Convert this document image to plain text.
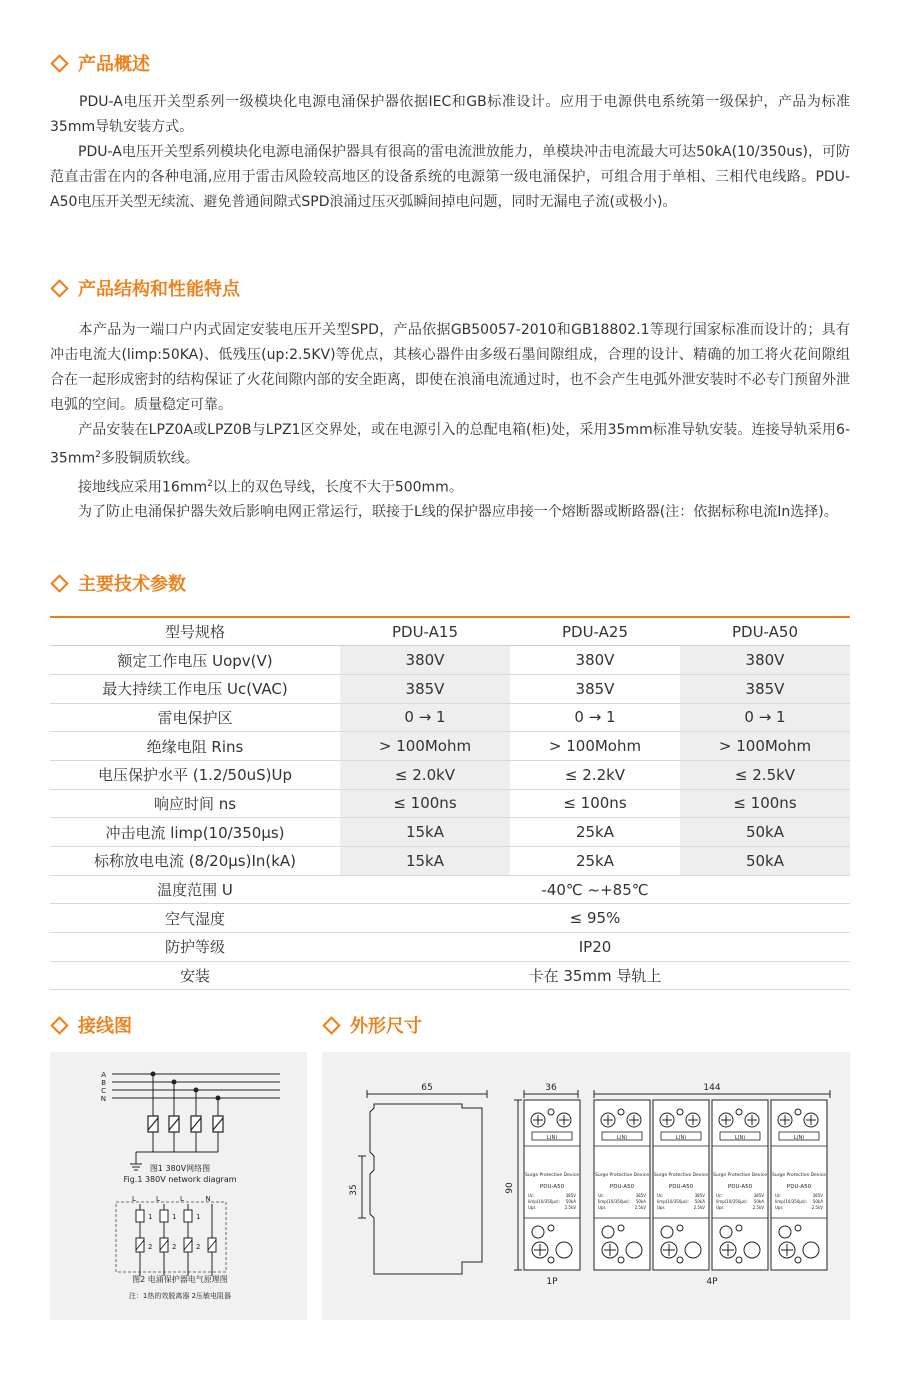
产品概述

　　PDU-A电压开关型系列一级模块化电源电涌保护器依据IEC和GB标准设计。应用于电源供电系统第一级保护，产品为标准35mm导轨安装方式。

　　PDU-A电压开关型系列模块化电源电涌保护器具有很高的雷电流泄放能力，单模块冲击电流最大可达50kA(10/350us)，可防范直击雷在内的各种电涌,应用于雷击风险较高地区的设备系统的电源第一级电涌保护，可组合用于单相、三相代电线路。PDU-A50电压开关型无续流、避免普通间隙式SPD浪涌过压灭弧瞬间掉电问题，同时无漏电子流(或极小)。

产品结构和性能特点

　　本产品为一端口户内式固定安装电压开关型SPD，产品依据GB50057-2010和GB18802.1等现行国家标准而设计的；具有冲击电流大(limp:50KA)、低残压(up:2.5KV)等优点，其核心器件由多级石墨间隙组成，合理的设计、精确的加工将火花间隙组合在一起形成密封的结构保证了火花间隙内部的安全距离，即使在浪涌电流通过时，也不会产生电弧外泄安装时不必专门预留外泄电弧的空间。质量稳定可靠。

　　产品安装在LPZ0A或LPZ0B与LPZ1区交界处，或在电源引入的总配电箱(柜)处，采用35mm标准导轨安装。连接导轨采用$6-35mm^2$多股铜质软线。

　　接地线应采用$16mm^2$以上的双色导线，长度不大于500mm。

　　为了防止电涌保护器失效后影响电网正常运行，联接于L线的保护器应串接一个熔断器或断路器(注：依据标称电流In选择)。

主要技术参数
型号规格	PDU-A15	PDU-A25	PDU-A50
额定工作电压 Uopv(V)	380V	380V	380V
最大持续工作电压 Uc(VAC)	385V	385V	385V
雷电保护区	0 → 1	0 → 1	0 → 1
绝缘电阻 Rins	> 100Mohm	> 100Mohm	> 100Mohm
电压保护水平 (1.2/50uS)Up	≤ 2.0kV	≤ 2.2kV	≤ 2.5kV
响应时间 ns	≤ 100ns	≤ 100ns	≤ 100ns
冲击电流 limp(10/350μs)	15kA	25kA	50kA
标称放电电流 (8/20μs)In(kA)	15kA	25kA	50kA
温度范围 U	-40℃ ~+85℃		
空气湿度	≤ 95%		
防护等级	IP20		
安装	卡在 35mm 导轨上		
接线图	外形尺寸
A
B
C
N
图1 380V网络图
Fig.1 380V network diagram
L	L	L	N
1	1	1
2	2	2
图2 电涌保护器电气原理图
注：1热的效脱离器 2压敏电阻器
65
35	90
36	144
L(N)
Surge Protective Device
PDU-A50
Uc:	385V
Iimp(10/350μs): 50kA
Ups	2.5kV
L(N)
Surge Protective Device
PDU-A50
Uc:	385V
Iimp(10/350μs): 50kA
Ups	2.5kV
L(N)
Surge Protective Device
PDU-A50
Uc:	385V
Iimp(10/350μs): 50kA
Ups	2.5kV
L(N)
Surge Protective Device
PDU-A50
Uc:	385V
Iimp(10/350μs): 50kA
Ups	2.5kV
L(N)
Surge Protective Device
PDU-A50
Uc:	385V
Iimp(10/350μs): 50kA
Ups	2.5kV
1P	4P
